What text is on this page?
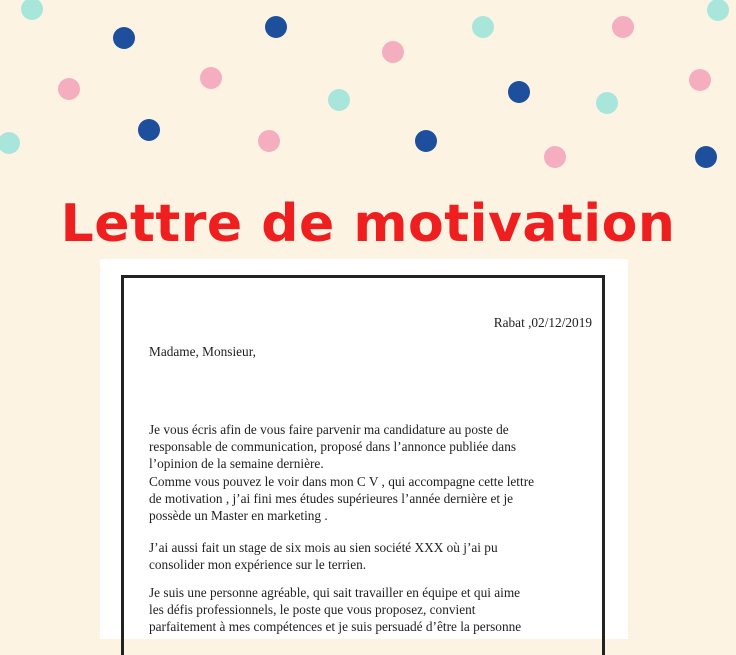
Lettre de motivation
Rabat ,02/12/2019
Madame, Monsieur,

Je vous écris afin de vous faire parvenir ma candidature au poste de
responsable de communication, proposé dans l’annonce publiée dans
l’opinion de la semaine dernière.
Comme vous pouvez le voir dans mon C V , qui accompagne cette lettre
de motivation , j’ai fini mes études supérieures l’année dernière et je
possède un Master en marketing .

J’ai aussi fait un stage de six mois au sien société XXX où j’ai pu
consolider mon expérience sur le terrien.

Je suis une personne agréable, qui sait travailler en équipe et qui aime
les défis professionnels, le poste que vous proposez, convient
parfaitement à mes compétences et je suis persuadé d’être la personne
